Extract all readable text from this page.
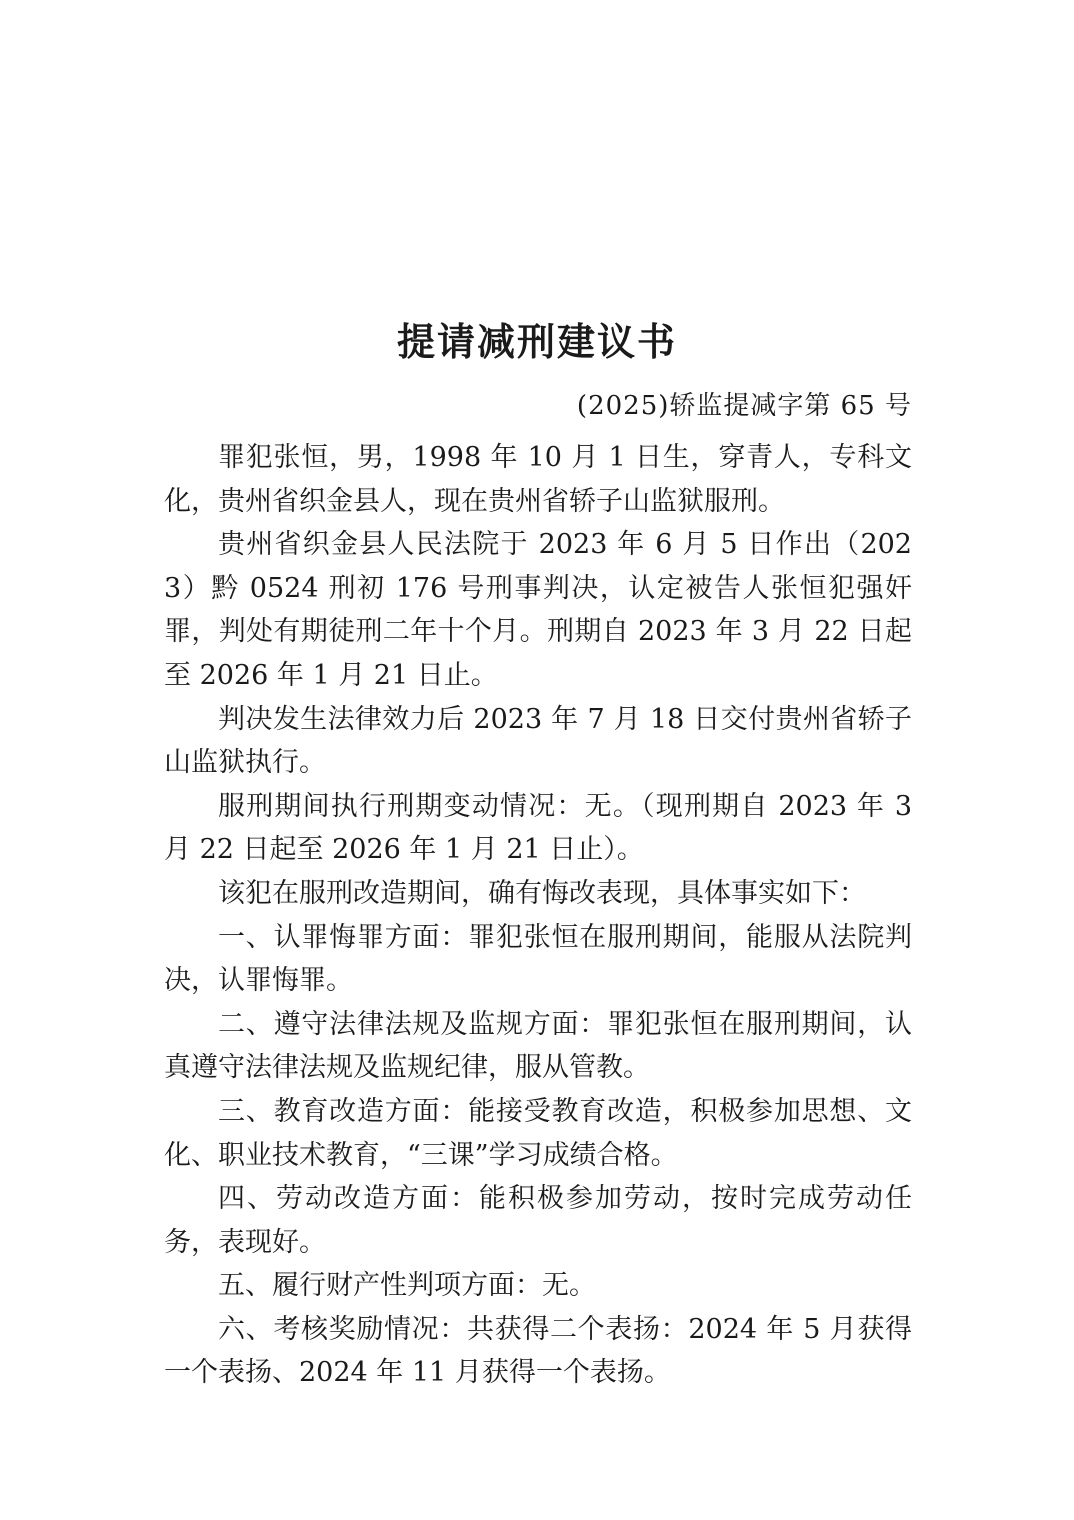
提请减刑建议书
(2025)轿监提减字第 65 号

罪犯张恒，男，1998 年 10 月 1 日生，穿青人，专科文化，贵州省织金县人，现在贵州省轿子山监狱服刑。

贵州省织金县人民法院于 2023 年 6 月 5 日作出（2023）黔 0524 刑初 176 号刑事判决，认定被告人张恒犯强奸罪，判处有期徒刑二年十个月。刑期自 2023 年 3 月 22 日起至 2026 年 1 月 21 日止。

判决发生法律效力后 2023 年 7 月 18 日交付贵州省轿子山监狱执行。

服刑期间执行刑期变动情况：无。（现刑期自 2023 年 3 月 22 日起至 2026 年 1 月 21 日止）。

该犯在服刑改造期间，确有悔改表现，具体事实如下：

一、认罪悔罪方面：罪犯张恒在服刑期间，能服从法院判决，认罪悔罪。

二、遵守法律法规及监规方面：罪犯张恒在服刑期间，认真遵守法律法规及监规纪律，服从管教。

三、教育改造方面：能接受教育改造，积极参加思想、文化、职业技术教育，“三课”学习成绩合格。

四、劳动改造方面：能积极参加劳动，按时完成劳动任务，表现好。

五、履行财产性判项方面：无。

六、考核奖励情况：共获得二个表扬：2024 年 5 月获得一个表扬、2024 年 11 月获得一个表扬。
